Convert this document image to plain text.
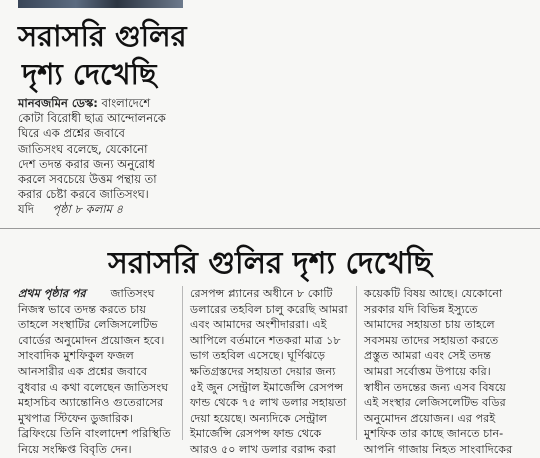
সরাসরি গুলির
দৃশ্য দেখেছি
মানবজমিন ডেস্ক: বাংলাদেশে
কোটা বিরোধী ছাত্র আন্দোলনকে
ঘিরে এক প্রশ্নের জবাবে
জাতিসংঘ বলেছে, যেকোনো
দেশ তদন্ত করার জন্য অনুরোধ
করলে সবচেয়ে উত্তম পন্থায় তা
করার চেষ্টা করবে জাতিসংঘ।
যদি পৃষ্ঠা ৮ কলাম ৪
সরাসরি গুলির দৃশ্য দেখেছি
প্রথম পৃষ্ঠার পর জাতিসংঘ
নিজস্ব ভাবে তদন্ত করতে চায়
তাহলে সংস্থাটির লেজিসলেটিভ
বোর্ডের অনুমোদন প্রয়োজন হবে।
সাংবাদিক মুশফিকুল ফজল
আনসারীর এক প্রশ্নের জবাবে
বুধবার এ কথা বলেছেন জাতিসংঘ
মহাসচিব অ্যান্তোনিও গুতেরাসের
মুখপাত্র স্টিফেন ডুজারিক।
ব্রিফিংয়ে তিনি বাংলাদেশ পরিস্থিতি
নিয়ে সংক্ষিপ্ত বিবৃতি দেন।
রেসপন্স প্ল্যানের অধীনে ৮ কোটি
ডলারের তহবিল চালু করেছি আমরা
এবং আমাদের অংশীদাররা। এই
আপিলে বর্তমানে শতকরা মাত্র ১৮
ভাগ তহবিল এসেছে। ঘূর্ণিঝড়ে
ক্ষতিগ্রস্তদের সহায়তা দেয়ার জন্য
৫ই জুন সেন্ট্রাল ইমার্জেন্সি রেসপন্স
ফান্ড থেকে ৭৫ লাখ ডলার সহায়তা
দেয়া হয়েছে। অন্যদিকে সেন্ট্রাল
ইমার্জেন্সি রেসপন্স ফান্ড থেকে
আরও ৫০ লাখ ডলার বরাদ্দ করা
কয়েকটি বিষয় আছে। যেকোনো
সরকার যদি বিভিন্ন ইস্যুতে
আমাদের সহায়তা চায় তাহলে
সবসময় তাদের সহায়তা করতে
প্রস্তুত আমরা এবং সেই তদন্ত
আমরা সর্বোত্তম উপায়ে করি।
স্বাধীন তদন্তের জন্য এসব বিষয়ে
এই সংস্থার লেজিসলেটিভ বডির
অনুমোদন প্রয়োজন। এর পরই
মুশফিক তার কাছে জানতে চান-
আপনি গাজায় নিহত সাংবাদিকের
